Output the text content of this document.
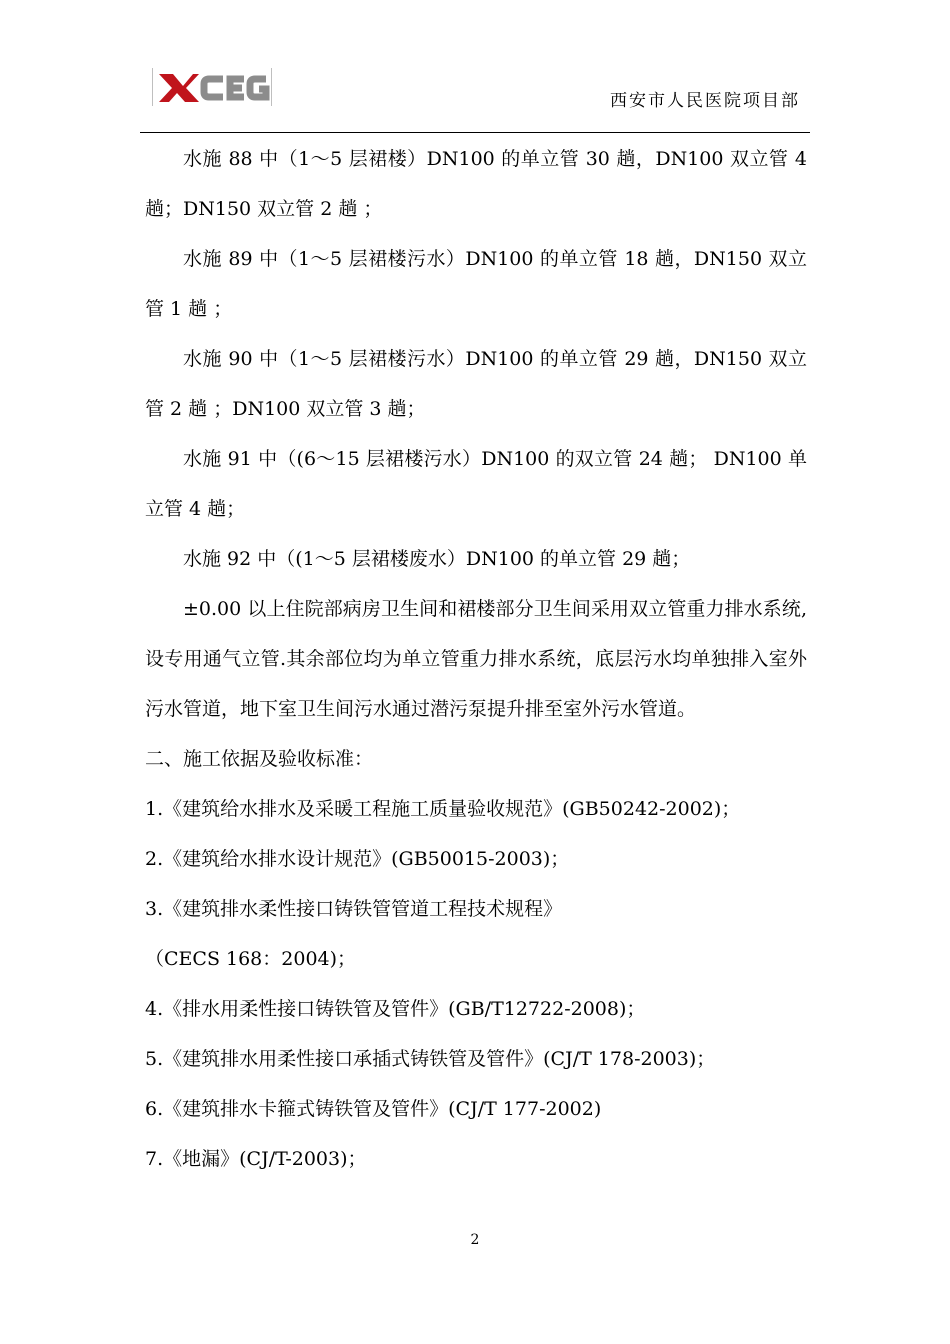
西安市人民医院项目部

水施 88 中（1～5 层裙楼）DN100 的单立管 30 趟，DN100 双立管 4 趟；DN150 双立管 2 趟 ；

水施 89 中（1～5 层裙楼污水）DN100 的单立管 18 趟，DN150 双立管 1 趟 ；

水施 90 中（1～5 层裙楼污水）DN100 的单立管 29 趟，DN150 双立管 2 趟 ；DN100 双立管 3 趟；

水施 91 中（(6～15 层裙楼污水）DN100 的双立管 24 趟； DN100 单立管 4 趟；

水施 92 中（(1～5 层裙楼废水）DN100 的单立管 29 趟；

±0.00 以上住院部病房卫生间和裙楼部分卫生间采用双立管重力排水系统,设专用通气立管.其余部位均为单立管重力排水系统，底层污水均单独排入室外污水管道，地下室卫生间污水通过潜污泵提升排至室外污水管道。

二、施工依据及验收标准：

1.《建筑给水排水及采暖工程施工质量验收规范》(GB50242-2002)；

2.《建筑给水排水设计规范》(GB50015-2003)；

3.《建筑排水柔性接口铸铁管管道工程技术规程》

（CECS 168：2004)；

4.《排水用柔性接口铸铁管及管件》(GB/T12722-2008)；

5.《建筑排水用柔性接口承插式铸铁管及管件》(CJ/T 178-2003)；

6.《建筑排水卡箍式铸铁管及管件》(CJ/T 177-2002)

7.《地漏》(CJ/T-2003)；

2
